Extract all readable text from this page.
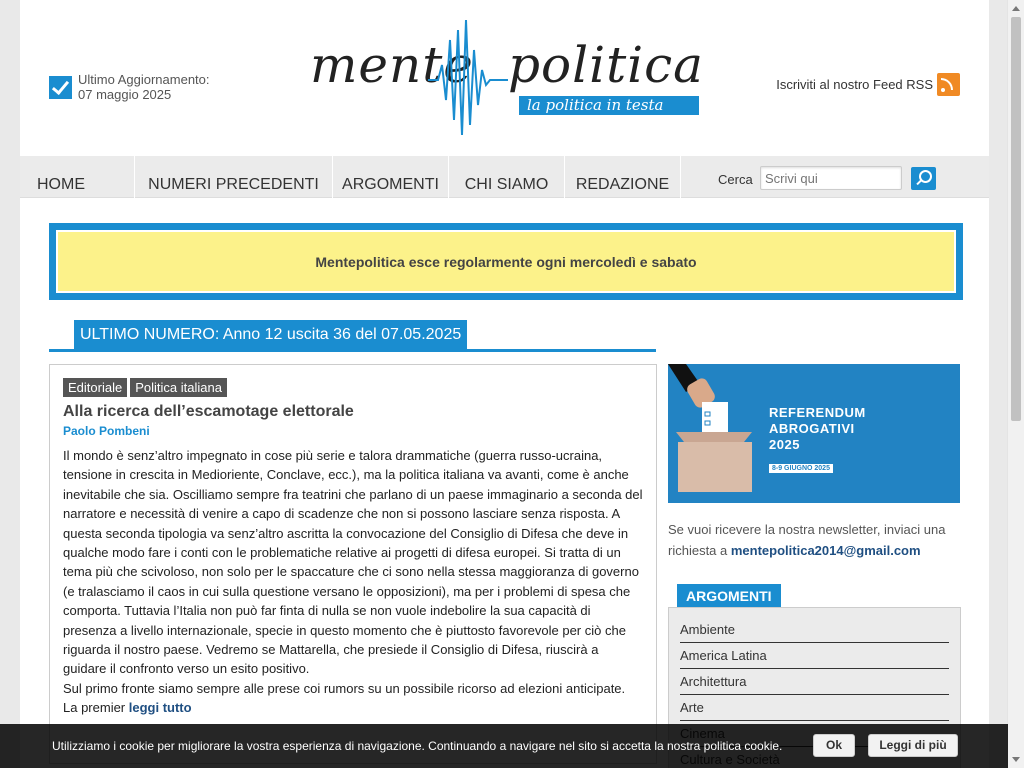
Ultimo Aggiornamento:
07 maggio 2025
mente politica
la politica in testa
Iscriviti al nostro Feed RSS
HOME	NUMERI PRECEDENTI	ARGOMENTI	CHI SIAMO	REDAZIONE	Cerca
Scrivi qui
Mentepolitica esce regolarmente ogni mercoledì e sabato
ULTIMO NUMERO: Anno 12 uscita 36 del 07.05.2025
Editoriale	Politica italiana
Alla ricerca dell’escamotage elettorale
Paolo Pombeni

Il mondo è senz’altro impegnato in cose più serie e talora drammatiche (guerra russo-ucraina, tensione in crescita in Medioriente, Conclave, ecc.), ma la politica italiana va avanti, come è anche inevitabile che sia. Oscilliamo sempre fra teatrini che parlano di un paese immaginario a seconda del narratore e necessità di venire a capo di scadenze che non si possono lasciare senza risposta. A questa seconda tipologia va senz’altro ascritta la convocazione del Consiglio di Difesa che deve in qualche modo fare i conti con le problematiche relative ai progetti di difesa europei. Si tratta di un tema più che scivoloso, non solo per le spaccature che ci sono nella stessa maggioranza di governo (e tralasciamo il caos in cui sulla questione versano le opposizioni), ma per i problemi di spesa che comporta. Tuttavia l’Italia non può far finta di nulla se non vuole indebolire la sua capacità di presenza a livello internazionale, specie in questo momento che è piuttosto favorevole per ciò che riguarda il nostro paese. Vedremo se Mattarella, che presiede il Consiglio di Difesa, riuscirà a guidare il confronto verso un esito positivo.

Sul primo fronte siamo sempre alle prese coi rumors su un possibile ricorso ad elezioni anticipate. La premier leggi tutto

REFERENDUM
ABROGATIVI
2025
8-9 GIUGNO 2025
Se vuoi ricevere la nostra newsletter, inviaci una richiesta a mentepolitica2014@gmail.com
ARGOMENTI
Ambiente
America Latina
Architettura
Arte
Utilizziamo i cookie per migliorare la vostra esperienza di navigazione. Continuando a navigare nel sito si accetta la nostra politica cookie.	Ok	Leggi di più
